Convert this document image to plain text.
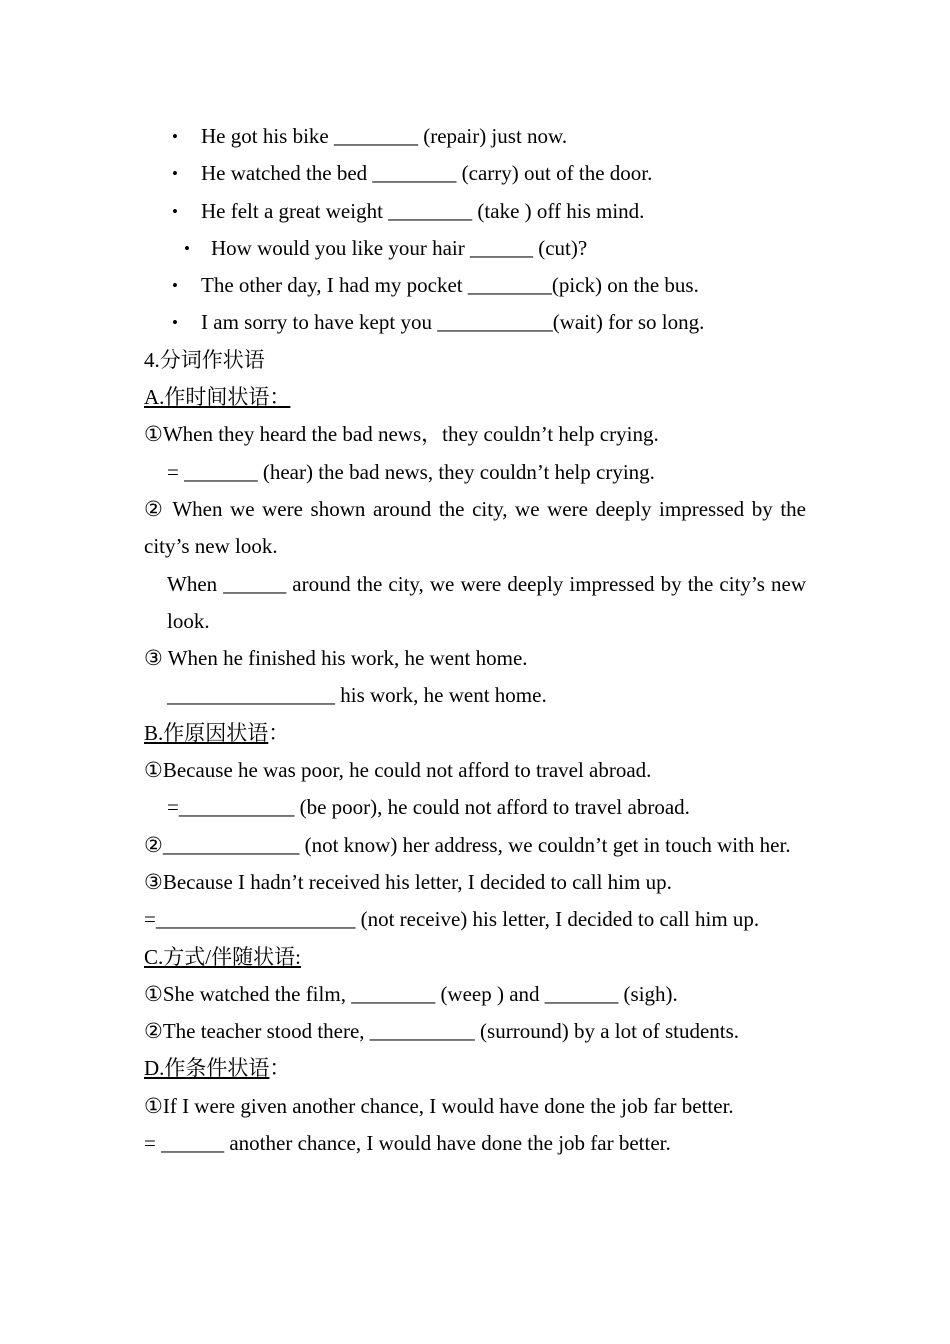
• He got his bike ________ (repair) just now.
• He watched the bed ________ (carry) out of the door.
• He felt a great weight ________ (take ) off his mind.
• How would you like your hair ______ (cut)?
• The other day, I had my pocket ________(pick) on the bus.
• I am sorry to have kept you ___________(wait) for so long.
4.分词作状语
A.作时间状语：
①When they heard the bad news，they couldn’t help crying.
= _______ (hear) the bad news, they couldn’t help crying.
② When we were shown around the city, we were deeply impressed by the city’s new look.
When ______ around the city, we were deeply impressed by the city’s new look.
③ When he finished his work, he went home.
________________ his work, he went home.
B.作原因状语：
①Because he was poor, he could not afford to travel abroad.
=___________ (be poor), he could not afford to travel abroad.
②_____________ (not know) her address, we couldn’t get in touch with her.
③Because I hadn’t received his letter, I decided to call him up.
=___________________ (not receive) his letter, I decided to call him up.
C.方式/伴随状语:
①She watched the film, ________ (weep ) and _______ (sigh).
②The teacher stood there, __________ (surround) by a lot of students.
D.作条件状语：
①If I were given another chance, I would have done the job far better.
= ______ another chance, I would have done the job far better.
